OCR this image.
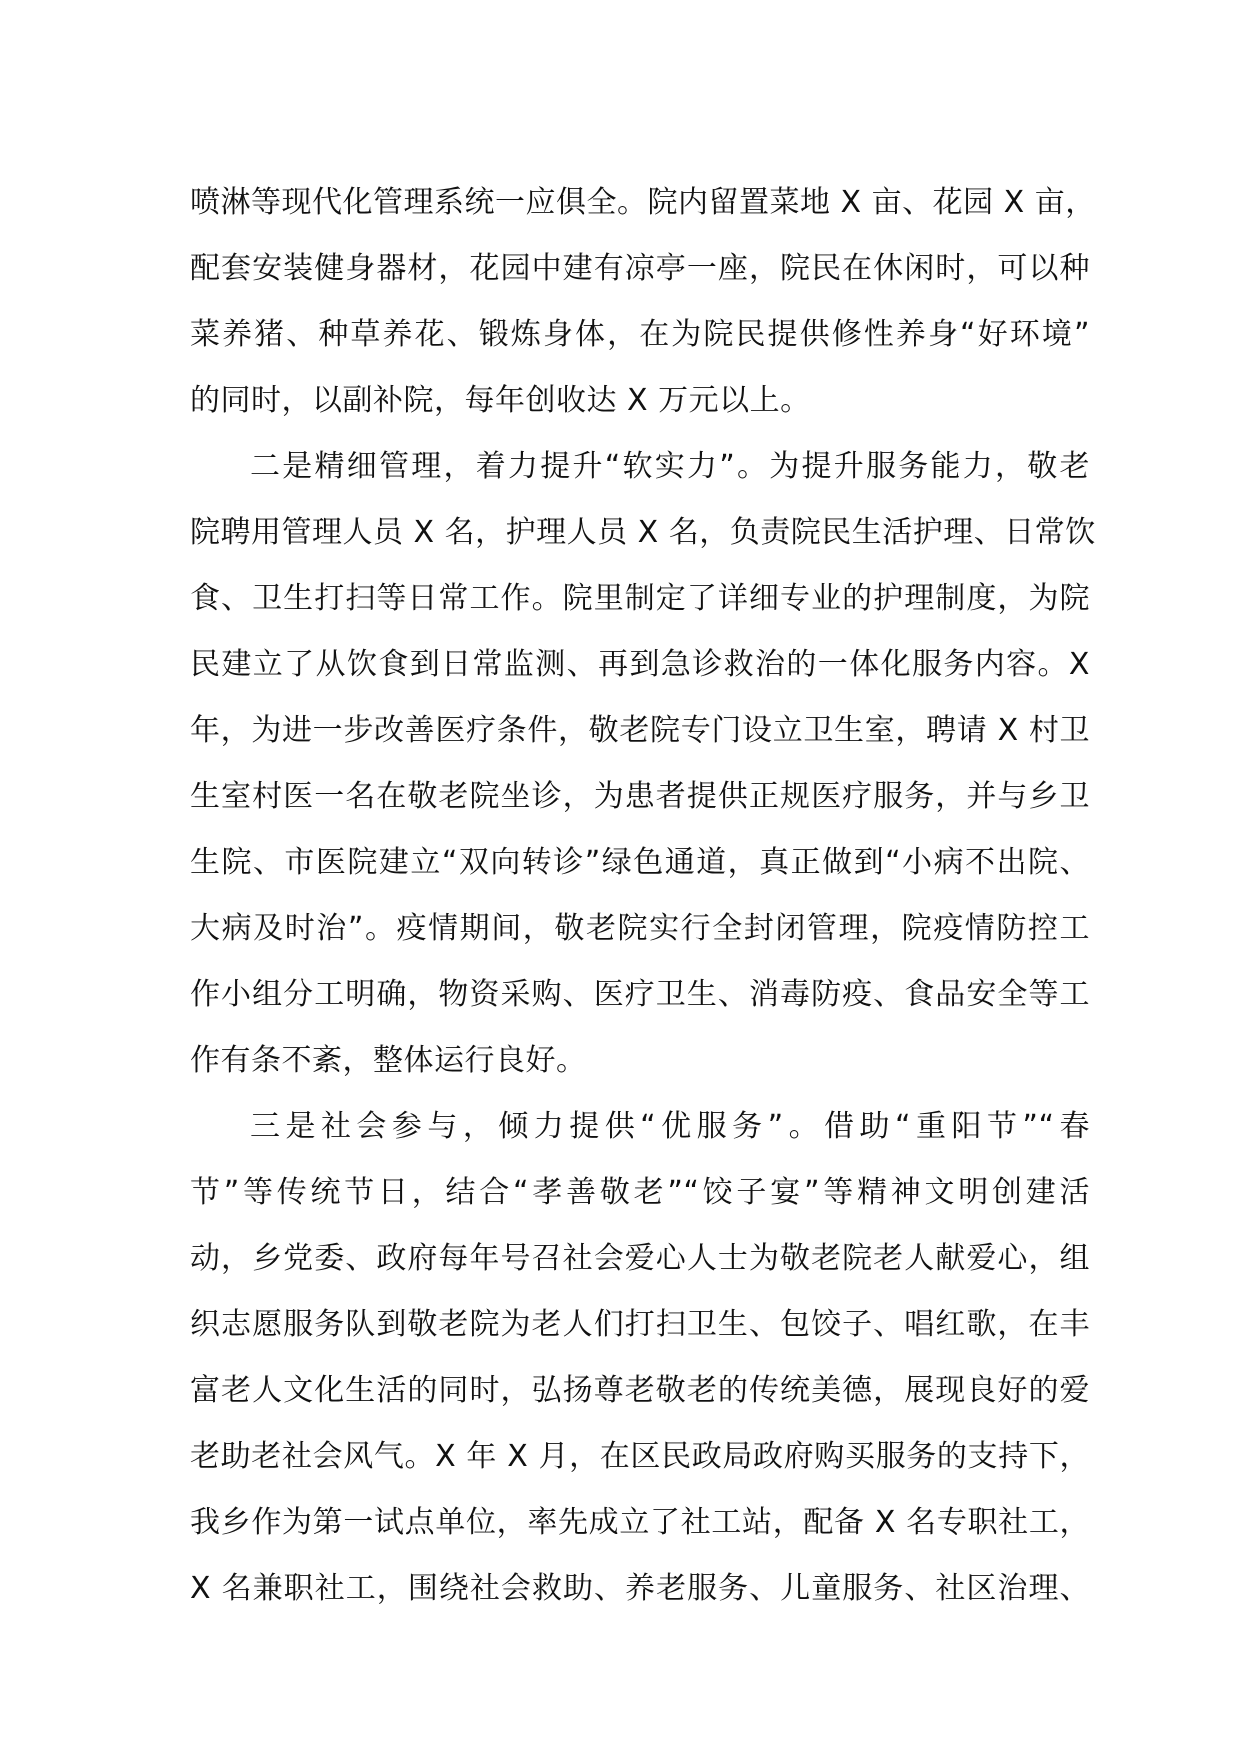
喷淋等现代化管理系统一应俱全。院内留置菜地 X 亩、花园 X 亩，
配套安装健身器材，花园中建有凉亭一座，院民在休闲时，可以种
菜养猪、种草养花、锻炼身体，在为院民提供修性养身“好环境”
的同时，以副补院，每年创收达 X 万元以上。
二是精细管理，着力提升“软实力”。为提升服务能力，敬老
院聘用管理人员 X 名，护理人员 X 名，负责院民生活护理、日常饮
食、卫生打扫等日常工作。院里制定了详细专业的护理制度，为院
民建立了从饮食到日常监测、再到急诊救治的一体化服务内容。X
年，为进一步改善医疗条件，敬老院专门设立卫生室，聘请 X 村卫
生室村医一名在敬老院坐诊，为患者提供正规医疗服务，并与乡卫
生院、市医院建立“双向转诊”绿色通道，真正做到“小病不出院、
大病及时治”。疫情期间，敬老院实行全封闭管理，院疫情防控工
作小组分工明确，物资采购、医疗卫生、消毒防疫、食品安全等工
作有条不紊，整体运行良好。
三是社会参与，倾力提供“优服务”。借助“重阳节”“春
节”等传统节日，结合“孝善敬老”“饺子宴”等精神文明创建活
动，乡党委、政府每年号召社会爱心人士为敬老院老人献爱心，组
织志愿服务队到敬老院为老人们打扫卫生、包饺子、唱红歌，在丰
富老人文化生活的同时，弘扬尊老敬老的传统美德，展现良好的爱
老助老社会风气。X 年 X 月，在区民政局政府购买服务的支持下，
我乡作为第一试点单位，率先成立了社工站，配备 X 名专职社工，
X 名兼职社工，围绕社会救助、养老服务、儿童服务、社区治理、
